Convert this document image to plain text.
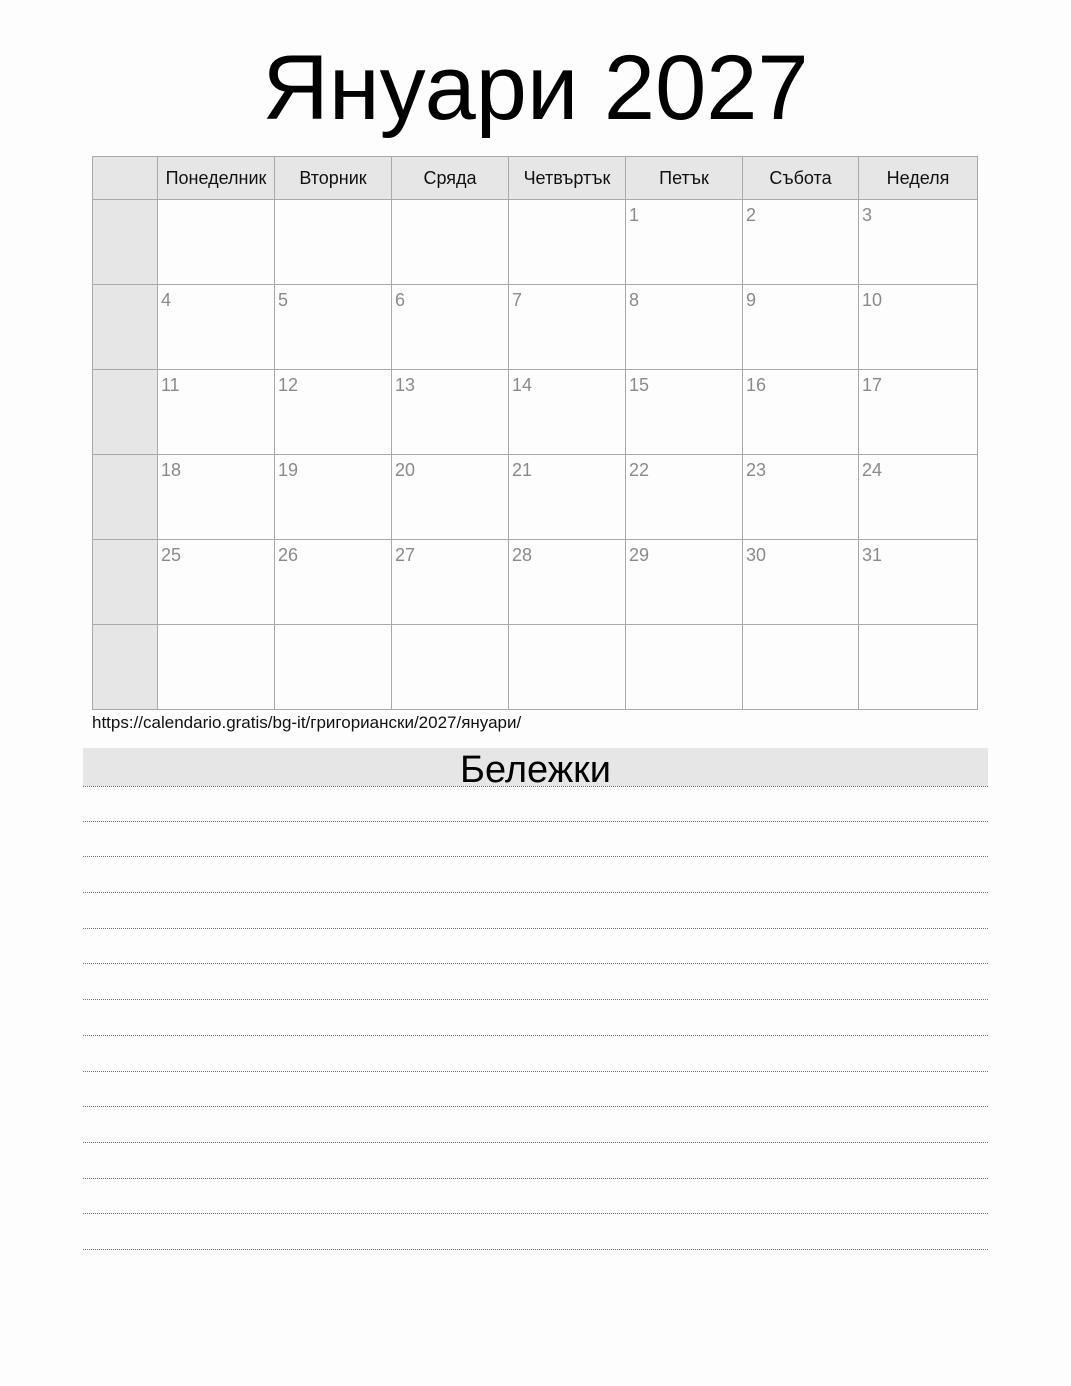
Януари 2027
	Понеделник	Вторник	Сряда	Четвъртък	Петък	Събота	Неделя

					1	2	3

	4	5	6	7	8	9	10

	11	12	13	14	15	16	17

	18	19	20	21	22	23	24

	25	26	27	28	29	30	31

https://calendario.gratis/bg-it/григориански/2027/януари/
Бележки
